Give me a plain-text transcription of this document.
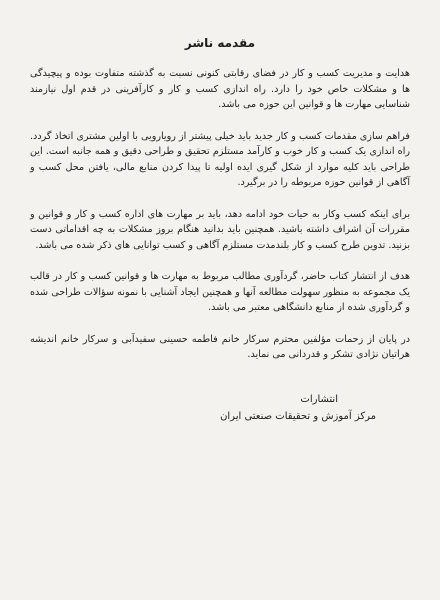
مقدمه ناشر

هدایت و مدیریت کسب و کار در فضای رقابتی کنونی نسبت به گذشته متفاوت بوده و پیچیدگی ها و مشکلات خاص خود را دارد. راه اندازی کسب و کار و کارآفرینی در قدم اول نیازمند شناسایی مهارت ها و قوانین این حوزه می باشد.

فراهم سازی مقدمات کسب و کار جدید باید خیلی پیشتر از رویارویی با اولین مشتری اتخاذ گردد. راه اندازی یک کسب و کار خوب و کارآمد مستلزم تحقیق و طراحی دقیق و همه جانبه است. این طراحی باید کلیه موارد از شکل گیری ایده اولیه تا پیدا کردن منابع مالی، یافتن محل کسب و آگاهی از قوانین حوزه مربوطه را در برگیرد.

برای اینکه کسب وکار به حیات خود ادامه دهد، باید بر مهارت های اداره کسب و کار و قوانین و مقررات آن اشراف داشته باشید. همچنین باید بدانید هنگام بروز مشکلات به چه اقداماتی دست بزنید. تدوین طرح کسب و کار بلندمدت مستلزم آگاهی و کسب توانایی های ذکر شده می باشد.

هدف از انتشار کتاب حاضر، گردآوری مطالب مربوط به مهارت ها و قوانین کسب و کار در قالب یک مجموعه به منظور سهولت مطالعه آنها و همچنین ایجاد آشنایی با نمونه سؤالات طراحی شده و گردآوری شده از منابع دانشگاهی معتبر می باشد.

در پایان از زحمات مؤلفین محترم سرکار خانم فاطمه حسینی سفیدآبی و سرکار خانم اندیشه هراتیان نژادی تشکر و قدردانی می نماید.

انتشارات
مرکز آموزش و تحقیقات صنعتی ایران
